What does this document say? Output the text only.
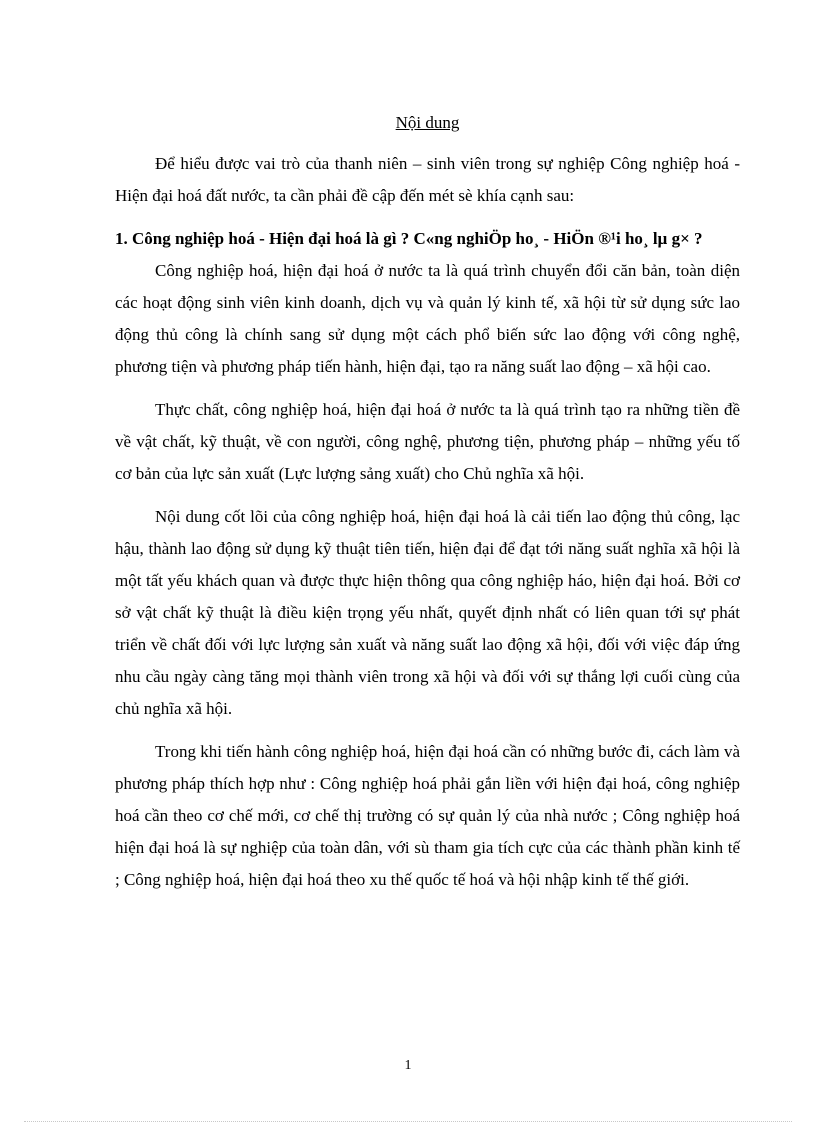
Nội dung

Để hiểu được vai trò của thanh niên – sinh viên trong sự nghiệp Công nghiệp hoá - Hiện đại hoá đất nước, ta cần phải đề cập đến mét sè khía cạnh sau:

1. Công nghiệp hoá - Hiện đại hoá là gì ? C«ng nghiÖp ho¸ - HiÖn ®¹i ho¸ lµ g× ?

Công nghiệp hoá, hiện đại hoá ở nước ta là quá trình chuyển đổi căn bản, toàn diện các hoạt động sinh viên kinh doanh, dịch vụ và quản lý kinh tế, xã hội từ sử dụng sức lao động thủ công là chính sang sử dụng một cách phổ biến sức lao động với công nghệ, phương tiện và phương pháp tiến hành, hiện đại, tạo ra năng suất lao động – xã hội cao.

Thực chất, công nghiệp hoá, hiện đại hoá ở nước ta là quá trình tạo ra những tiền đề về vật chất, kỹ thuật, về con người, công nghệ, phương tiện, phương pháp – những yếu tố cơ bản của lực sản xuất (Lực lượng sảng xuất) cho Chủ nghĩa xã hội.

Nội dung cốt lõi của công nghiệp hoá, hiện đại hoá là cải tiến lao động thủ công, lạc hậu, thành lao động sử dụng kỹ thuật tiên tiến, hiện đại để đạt tới năng suất nghĩa xã hội là một tất yếu khách quan và được thực hiện thông qua công nghiệp háo, hiện đại hoá. Bởi cơ sở vật chất kỹ thuật là điều kiện trọng yếu nhất, quyết định nhất có liên quan tới sự phát triển về chất đối với lực lượng sản xuất và năng suất lao động xã hội, đối với việc đáp ứng nhu cầu ngày càng tăng mọi thành viên trong xã hội và đối với sự thắng lợi cuối cùng của chủ nghĩa xã hội.

Trong khi tiến hành công nghiệp hoá, hiện đại hoá cần có những bước đi, cách làm và phương pháp thích hợp như : Công nghiệp hoá phải gắn liền với hiện đại hoá, công nghiệp hoá cần theo cơ chế mới, cơ chế thị trường có sự quản lý của nhà nước ; Công nghiệp hoá hiện đại hoá là sự nghiệp của toàn dân, với sù tham gia tích cực của các thành phần kinh tế ; Công nghiệp hoá, hiện đại hoá theo xu thế quốc tế hoá và hội nhập kinh tế thế giới.

1
